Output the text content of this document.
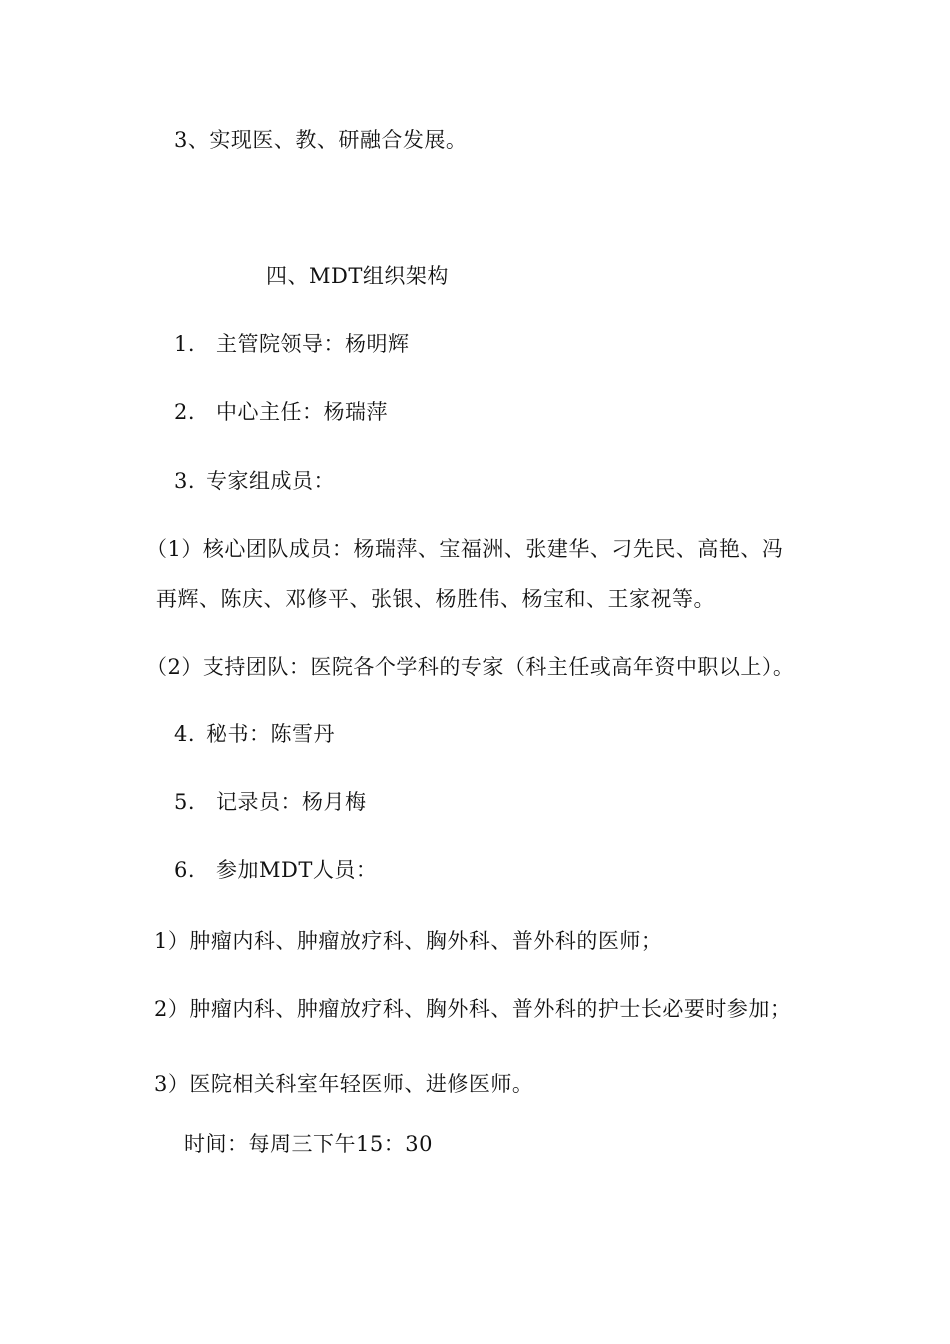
3、实现医、教、研融合发展。
四、MDT组织架构
1. 主管院领导：杨明辉
2. 中心主任：杨瑞萍
3. 专家组成员：
（1）核心团队成员：杨瑞萍、宝福洲、张建华、刁先民、高艳、冯
再辉、陈庆、邓修平、张银、杨胜伟、杨宝和、王家祝等。
（2）支持团队：医院各个学科的专家（科主任或高年资中职以上）。
4. 秘书：陈雪丹
5. 记录员：杨月梅
6. 参加MDT人员：
1）肿瘤内科、肿瘤放疗科、胸外科、普外科的医师；
2）肿瘤内科、肿瘤放疗科、胸外科、普外科的护士长必要时参加；
3）医院相关科室年轻医师、进修医师。
时间：每周三下午15：30
